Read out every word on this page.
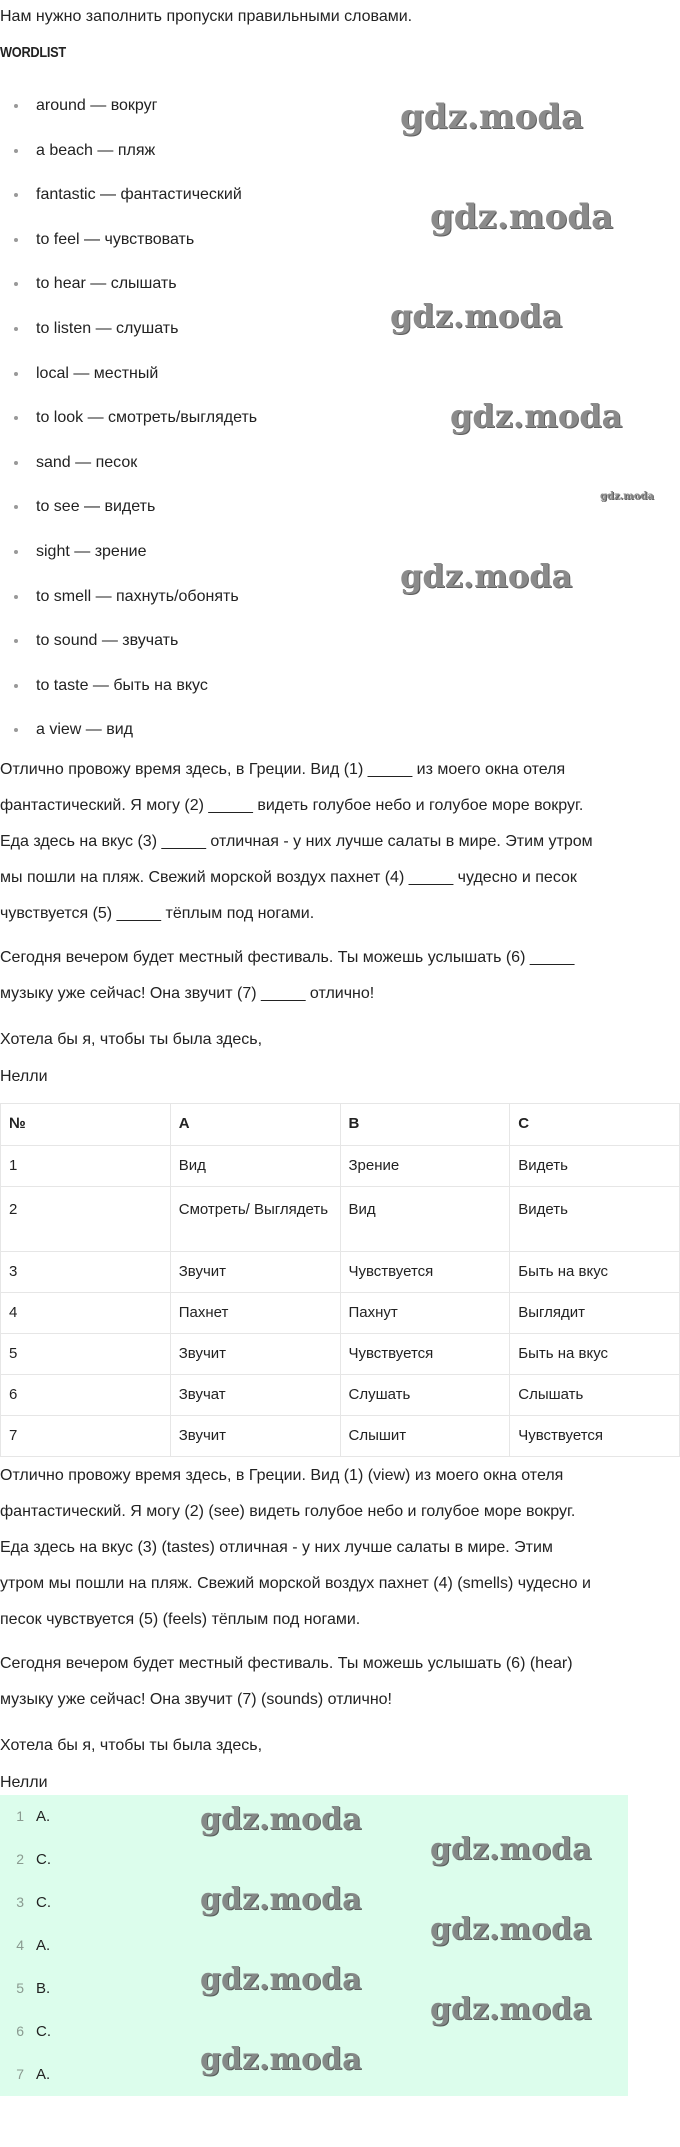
Нам нужно заполнить пропуски правильными словами.

WORDLIST
around — вокруг
a beach — пляж
fantastic — фантастический
to feel — чувствовать
to hear — слышать
to listen — слушать
local — местный
to look — смотреть/выглядеть
sand — песок
to see — видеть
sight — зрение
to smell — пахнуть/обонять
to sound — звучать
to taste — быть на вкус
a view — вид

Отлично провожу время здесь, в Греции. Вид (1) _____ из моего окна отеля

фантастический. Я могу (2) _____ видеть голубое небо и голубое море вокруг.

Еда здесь на вкус (3) _____ отличная - у них лучше салаты в мире. Этим утром

мы пошли на пляж. Свежий морской воздух пахнет (4) _____ чудесно и песок

чувствуется (5) _____ тёплым под ногами.

Сегодня вечером будет местный фестиваль. Ты можешь услышать (6) _____

музыку уже сейчас! Она звучит (7) _____ отлично!

Хотела бы я, чтобы ты была здесь,

Нелли

№	A	B	C
1	Вид	Зрение	Видеть
2	Смотреть/ Выглядеть	Вид	Видеть
3	Звучит	Чувствуется	Быть на вкус
4	Пахнет	Пахнут	Выглядит
5	Звучит	Чувствуется	Быть на вкус
6	Звучат	Слушать	Слышать
7	Звучит	Слышит	Чувствуется

Отлично провожу время здесь, в Греции. Вид (1) (view) из моего окна отеля

фантастический. Я могу (2) (see) видеть голубое небо и голубое море вокруг.

Еда здесь на вкус (3) (tastes) отличная - у них лучше салаты в мире. Этим

утром мы пошли на пляж. Свежий морской воздух пахнет (4) (smells) чудесно и

песок чувствуется (5) (feels) тёплым под ногами.

Сегодня вечером будет местный фестиваль. Ты можешь услышать (6) (hear)

музыку уже сейчас! Она звучит (7) (sounds) отлично!

Хотела бы я, чтобы ты была здесь,

Нелли

1 A.
2 C.
3 C.
4 A.
5 B.
6 C.
7 A.
gdz.moda
gdz.moda
gdz.moda
gdz.moda
gdz.moda
gdz.moda
gdz.moda
gdz.moda
gdz.moda
gdz.moda
gdz.moda
gdz.moda
gdz.moda
